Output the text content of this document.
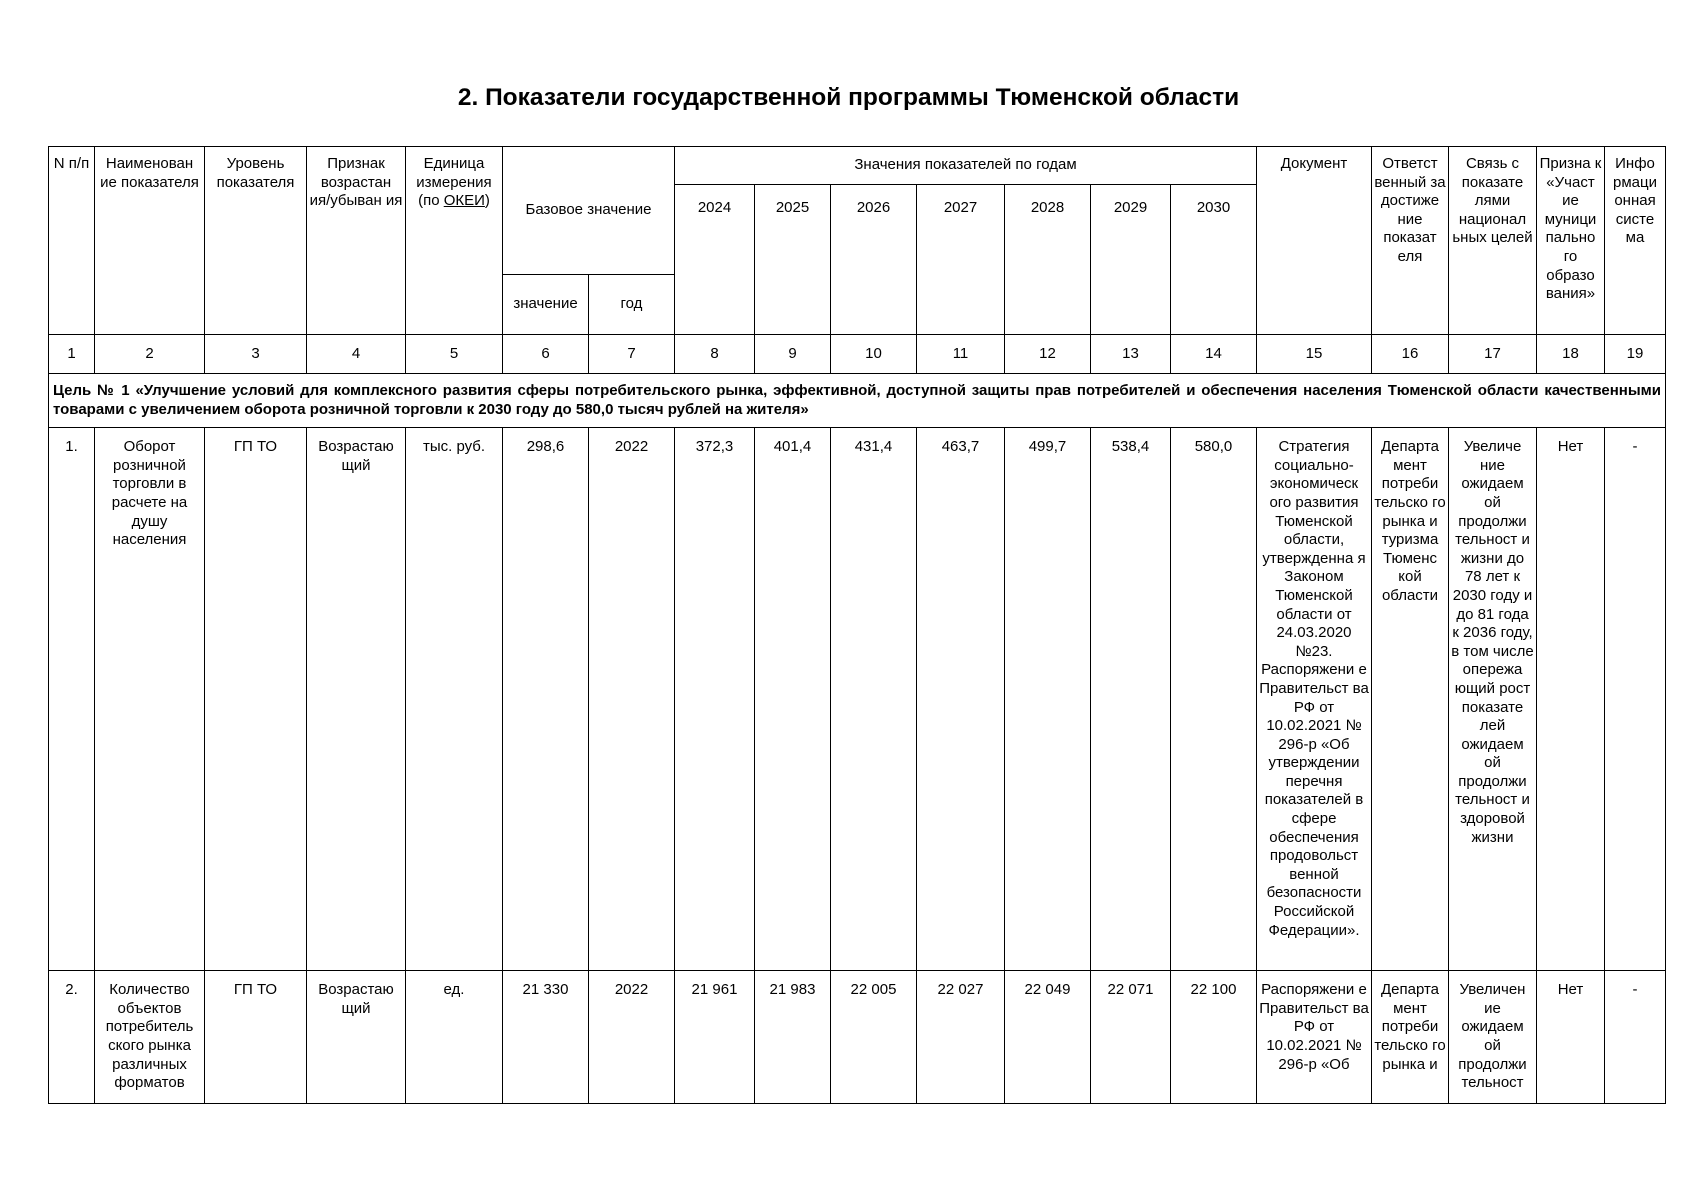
2. Показатели государственной программы Тюменской области
N п/п	Наименован ие показателя	Уровень показателя	Признак возрастан ия/убыван ия	Единица измерения (по ОКЕИ)	Базовое значение		Значения показателей по годам							Документ	Ответст венный за достиже ние показат еля	Связь с показате лями национал ьных целей	Призна к «Участ ие муници пально го образо вания»	Инфо рмаци онная систе ма
							2024	2025	2026	2027	2028	2029	2030					
					значение	год												
1	2	3	4	5	6	7	8	9	10	11	12	13	14	15	16	17	18	19
Цель № 1 «Улучшение условий для комплексного развития сферы потребительского рынка, эффективной, доступной защиты прав потребителей и обеспечения населения Тюменской области качественными товарами с увеличением оборота розничной торговли к 2030 году до 580,0 тысяч рублей на жителя»																		
1.	Оборот розничной торговли в расчете на душу населения	ГП ТО	Возрастаю щий	тыс. руб.	298,6	2022	372,3	401,4	431,4	463,7	499,7	538,4	580,0	Стратегия социально-экономическ ого развития Тюменской области, утвержденна я Законом Тюменской области от 24.03.2020 №23. Распоряжени е Правительст ва РФ от 10.02.2021 № 296-р «Об утверждении перечня показателей в сфере обеспечения продовольст венной безопасности Российской Федерации».	Департа мент потреби тельско го рынка и туризма Тюменс кой области	Увеличе ние ожидаем ой продолжи тельност и жизни до 78 лет к 2030 году и до 81 года к 2036 году, в том числе опережа ющий рост показате лей ожидаем ой продолжи тельност и здоровой жизни	Нет	-
2.	Количество объектов потребитель ского рынка различных форматов	ГП ТО	Возрастаю щий	ед.	21 330	2022	21 961	21 983	22 005	22 027	22 049	22 071	22 100	Распоряжени е Правительст ва РФ от 10.02.2021 № 296-р «Об	Департа мент потреби тельско го рынка и	Увеличен ие ожидаем ой продолжи тельност	Нет	-
